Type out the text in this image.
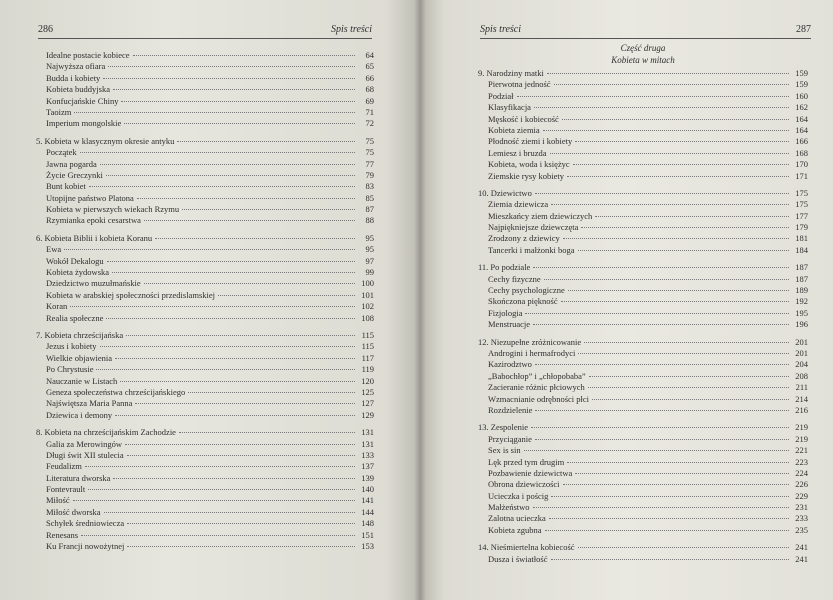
286	Spis treści
Idealne postacie kobiece	64
Najwyższa ofiara	65
Budda i kobiety	66
Kobieta buddyjska	68
Konfucjańskie Chiny	69
Taoizm	71
Imperium mongolskie	72
5. Kobieta w klasycznym okresie antyku	75
Początek	75
Jawna pogarda	77
Życie Greczynki	79
Bunt kobiet	83
Utopijne państwo Platona	85
Kobieta w pierwszych wiekach Rzymu	87
Rzymianka epoki cesarstwa	88
6. Kobieta Biblii i kobieta Koranu	95
Ewa	95
Wokół Dekalogu	97
Kobieta żydowska	99
Dziedzictwo muzułmańskie	100
Kobieta w arabskiej społeczności przedislamskiej	101
Koran	102
Realia społeczne	108
7. Kobieta chrześcijańska	115
Jezus i kobiety	115
Wielkie objawienia	117
Po Chrystusie	119
Nauczanie w Listach	120
Geneza społeczeństwa chrześcijańskiego	125
Najświętsza Maria Panna	127
Dziewica i demony	129
8. Kobieta na chrześcijańskim Zachodzie	131
Galia za Merowingów	131
Długi świt XII stulecia	133
Feudalizm	137
Literatura dworska	139
Fontevrault	140
Miłość	141
Miłość dworska	144
Schyłek średniowiecza	148
Renesans	151
Ku Francji nowożytnej	153
Spis treści	287
Część druga
Kobieta w mitach
9. Narodziny matki	159
Pierwotna jedność	159
Podział	160
Klasyfikacja	162
Męskość i kobiecość	164
Kobieta ziemia	164
Płodność ziemi i kobiety	166
Lemiesz i bruzda	168
Kobieta, woda i księżyc	170
Ziemskie rysy kobiety	171
10. Dziewictwo	175
Ziemia dziewicza	175
Mieszkańcy ziem dziewiczych	177
Najpiękniejsze dziewczęta	179
Zrodzony z dziewicy	181
Tancerki i małżonki boga	184
11. Po podziale	187
Cechy fizyczne	187
Cechy psychologiczne	189
Skończona piękność	192
Fizjologia	195
Menstruacje	196
12. Niezupełne zróżnicowanie	201
Androgini i hermafrodyci	201
Kazirodztwo	204
„Babochłop” i „chłopobaba”	208
Zacieranie różnic płciowych	211
Wzmacnianie odrębności płci	214
Rozdzielenie	216
13. Zespolenie	219
Przyciąganie	219
Sex is sin	221
Lęk przed tym drugim	223
Pozbawienie dziewictwa	224
Obrona dziewiczości	226
Ucieczka i pościg	229
Małżeństwo	231
Zalotna ucieczka	233
Kobieta zgubna	235
14. Nieśmiertelna kobiecość	241
Dusza i światłość	241
